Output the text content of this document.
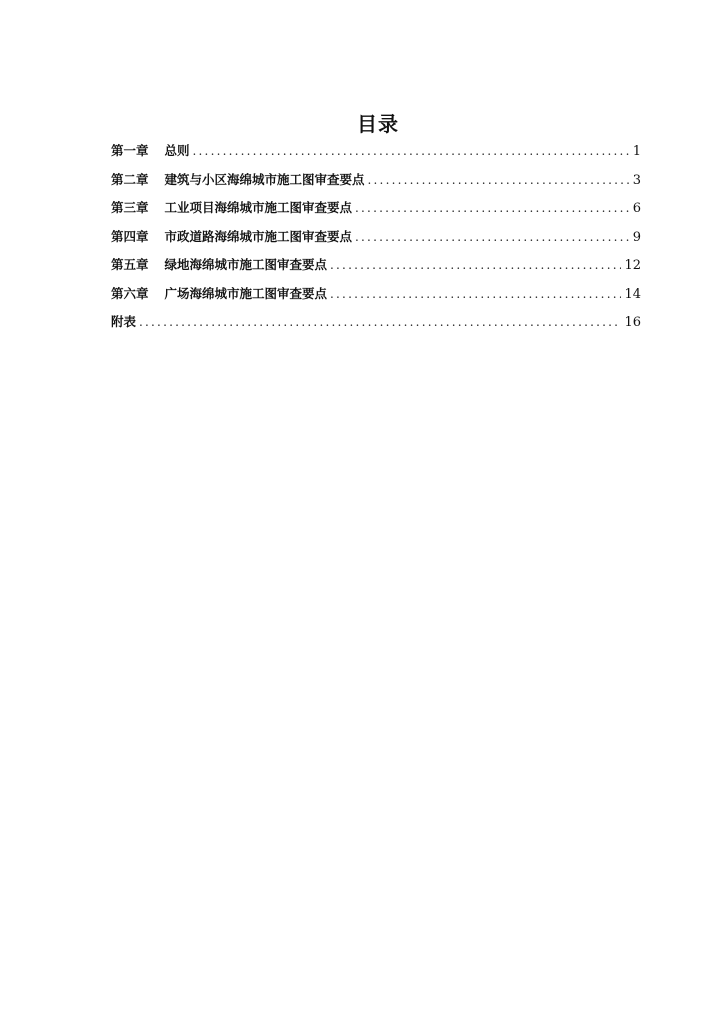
目录
第一章 总则 .....	1
第二章 建筑与小区海绵城市施工图审查要点 .....	3
第三章 工业项目海绵城市施工图审查要点 .....	6
第四章 市政道路海绵城市施工图审查要点 .....	9
第五章 绿地海绵城市施工图审查要点 .....	12
第六章 广场海绵城市施工图审查要点 .....	14
附表 .....	16
